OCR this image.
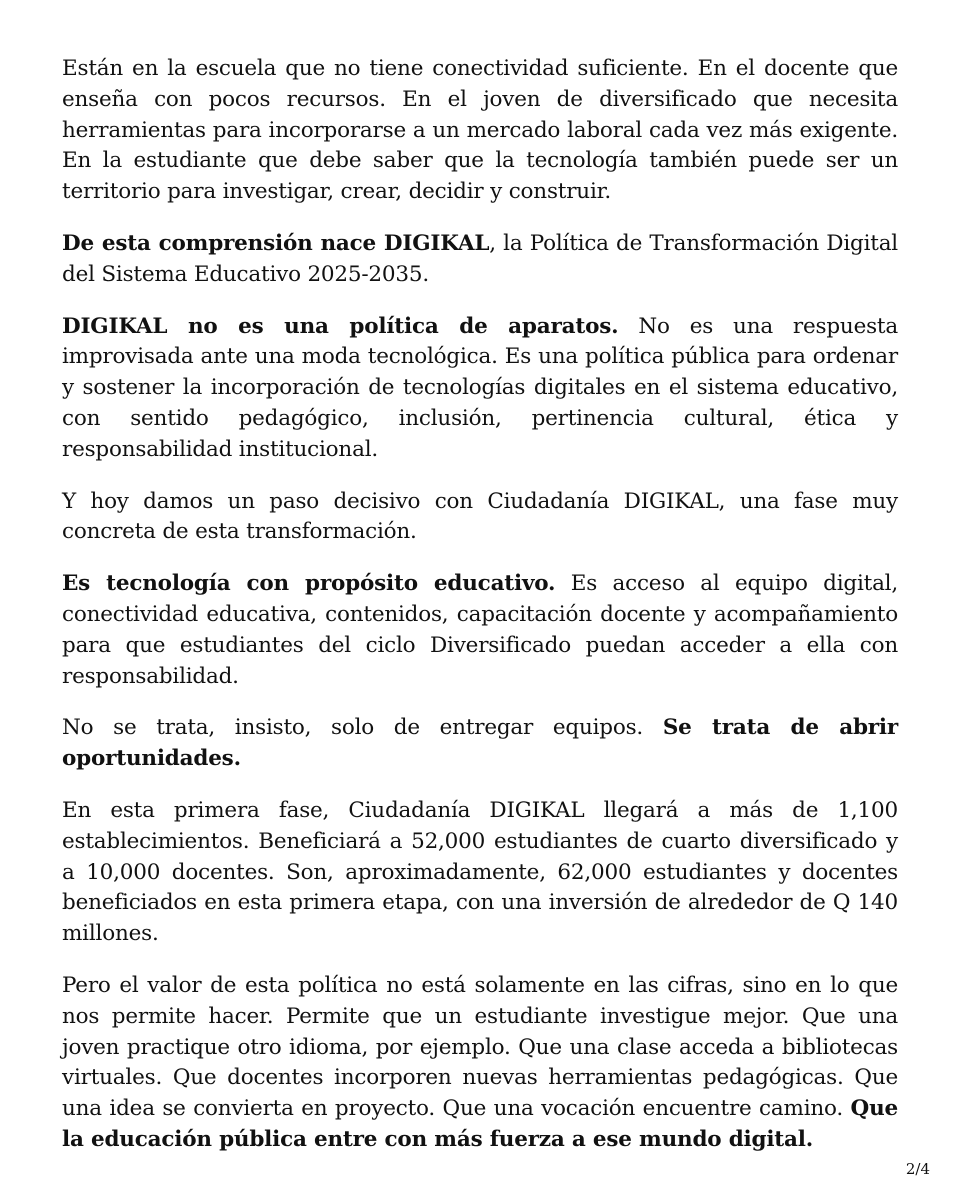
Están en la escuela que no tiene conectividad suficiente. En el docente que enseña con pocos recursos. En el joven de diversificado que necesita herramientas para incorporarse a un mercado laboral cada vez más exigente. En la estudiante que debe saber que la tecnología también puede ser un territorio para investigar, crear, decidir y construir.

De esta comprensión nace DIGIKAL, la Política de Transformación Digital del Sistema Educativo 2025-2035.

DIGIKAL no es una política de aparatos. No es una respuesta improvisada ante una moda tecnológica. Es una política pública para ordenar y sostener la incorporación de tecnologías digitales en el sistema educativo, con sentido pedagógico, inclusión, pertinencia cultural, ética y responsabilidad institucional.

Y hoy damos un paso decisivo con Ciudadanía DIGIKAL, una fase muy concreta de esta transformación.

Es tecnología con propósito educativo. Es acceso al equipo digital, conectividad educativa, contenidos, capacitación docente y acompañamiento para que estudiantes del ciclo Diversificado puedan acceder a ella con responsabilidad.

No se trata, insisto, solo de entregar equipos. Se trata de abrir oportunidades.

En esta primera fase, Ciudadanía DIGIKAL llegará a más de 1,100 establecimientos. Beneficiará a 52,000 estudiantes de cuarto diversificado y a 10,000 docentes. Son, aproximadamente, 62,000 estudiantes y docentes beneficiados en esta primera etapa, con una inversión de alrededor de Q 140 millones.

Pero el valor de esta política no está solamente en las cifras, sino en lo que nos permite hacer. Permite que un estudiante investigue mejor. Que una joven practique otro idioma, por ejemplo. Que una clase acceda a bibliotecas virtuales. Que docentes incorporen nuevas herramientas pedagógicas. Que una idea se convierta en proyecto. Que una vocación encuentre camino. Que la educación pública entre con más fuerza a ese mundo digital.

2/4
